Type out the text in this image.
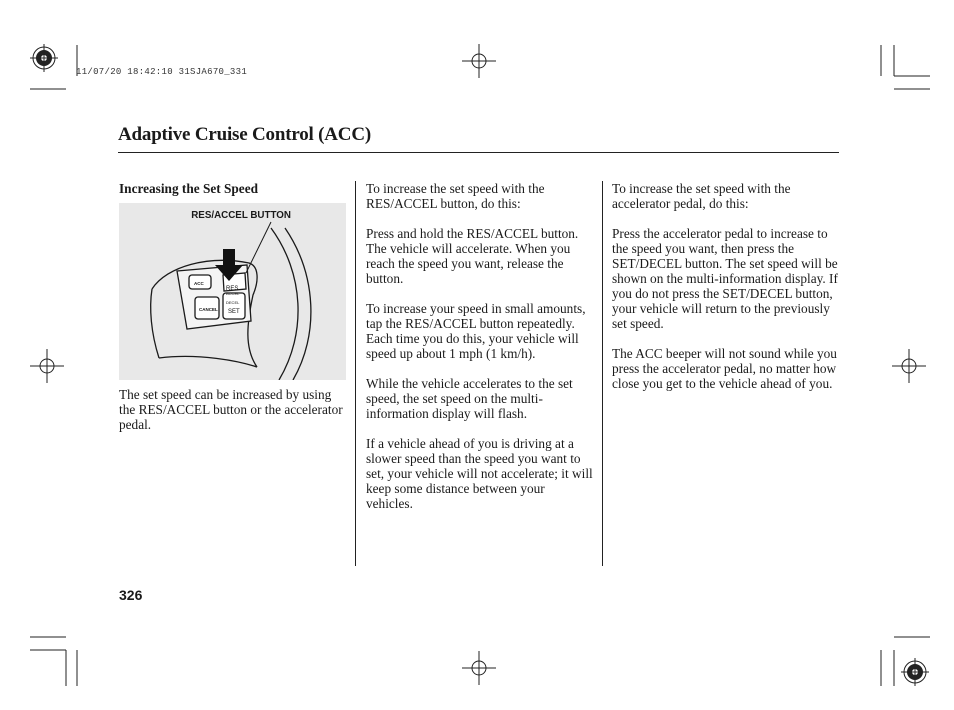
11/07/20 18:42:10 31SJA670_331
Adaptive Cruise Control (ACC)
Increasing the Set Speed
RES/ACCEL BUTTON
ACC
CANCEL
RES
ACCEL
DECEL
SET

The set speed can be increased by using the RES/ACCEL button or the accelerator pedal.

To increase the set speed with the RES/ACCEL button, do this:

Press and hold the RES/ACCEL button. The vehicle will accelerate. When you reach the speed you want, release the button.

To increase your speed in small amounts, tap the RES/ACCEL button repeatedly. Each time you do this, your vehicle will speed up about 1 mph (1 km/h).

While the vehicle accelerates to the set speed, the set speed on the multi-information display will flash.

If a vehicle ahead of you is driving at a slower speed than the speed you want to set, your vehicle will not accelerate; it will keep some distance between your vehicles.

To increase the set speed with the accelerator pedal, do this:

Press the accelerator pedal to increase to the speed you want, then press the SET/DECEL button. The set speed will be shown on the multi-information display. If you do not press the SET/DECEL button, your vehicle will return to the previously set speed.

The ACC beeper will not sound while you press the accelerator pedal, no matter how close you get to the vehicle ahead of you.

326
